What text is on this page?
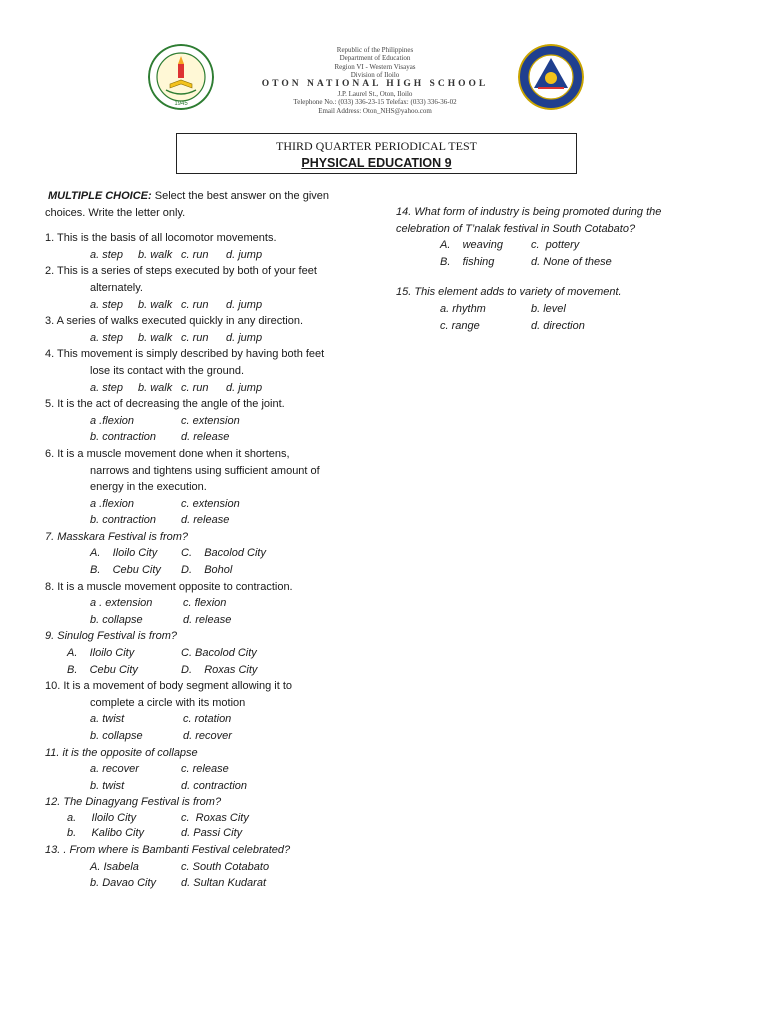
1945
Republic of the Philippines
Department of Education
Region VI - Western Visayas
Division of Iloilo
OTON NATIONAL HIGH SCHOOL
J.P. Laurel St., Oton, Iloilo
Telephone No.: (033) 336-23-15 Telefax: (033) 336-36-02
Email Address: Oton_NHS@yahoo.com
THIRD QUARTER PERIODICAL TEST
PHYSICAL EDUCATION 9
MULTIPLE CHOICE: Select the best answer on the given
choices. Write the letter only.
1. This is the basis of all locomotor movements.
a. step b. walk c. run d. jump
2. This is a series of steps executed by both of your feet
alternately.
a. step b. walk c. run d. jump
3. A series of walks executed quickly in any direction.
a. step b. walk c. run d. jump
4. This movement is simply described by having both feet
lose its contact with the ground.
a. step b. walk c. run d. jump
5. It is the act of decreasing the angle of the joint.
a .flexion	c. extension
b. contraction d. release
6. It is a muscle movement done when it shortens,
narrows and tightens using sufficient amount of
energy in the execution.
a .flexion	c. extension
b. contraction d. release
7. Masskara Festival is from?
A.    Iloilo City C.    Bacolod City
B.    Cebu City D.    Bohol
8. It is a muscle movement opposite to contraction.
a . extension	c. flexion
b. collapse	d. release
9. Sinulog Festival is from?
A.    Iloilo City	C. Bacolod City
B.    Cebu City	D.    Roxas City
10. It is a movement of body segment allowing it to
complete a circle with its motion
a. twist	c. rotation
b. collapse	d. recover
11. it is the opposite of collapse
a. recover	c. release
b. twist	d. contraction
12. The Dinagyang Festival is from?
a.     Iloilo City	c.  Roxas City
b.     Kalibo City	d. Passi City
13. . From where is Bambanti Festival celebrated?
A. Isabela	c. South Cotabato
b. Davao City d. Sultan Kudarat
14. What form of industry is being promoted during the
celebration of T’nalak festival in South Cotabato?
A.    weaving	c.  pottery
B.    fishing	d. None of these
15. This element adds to variety of movement.
a. rhythm	b. level
c. range	d. direction
